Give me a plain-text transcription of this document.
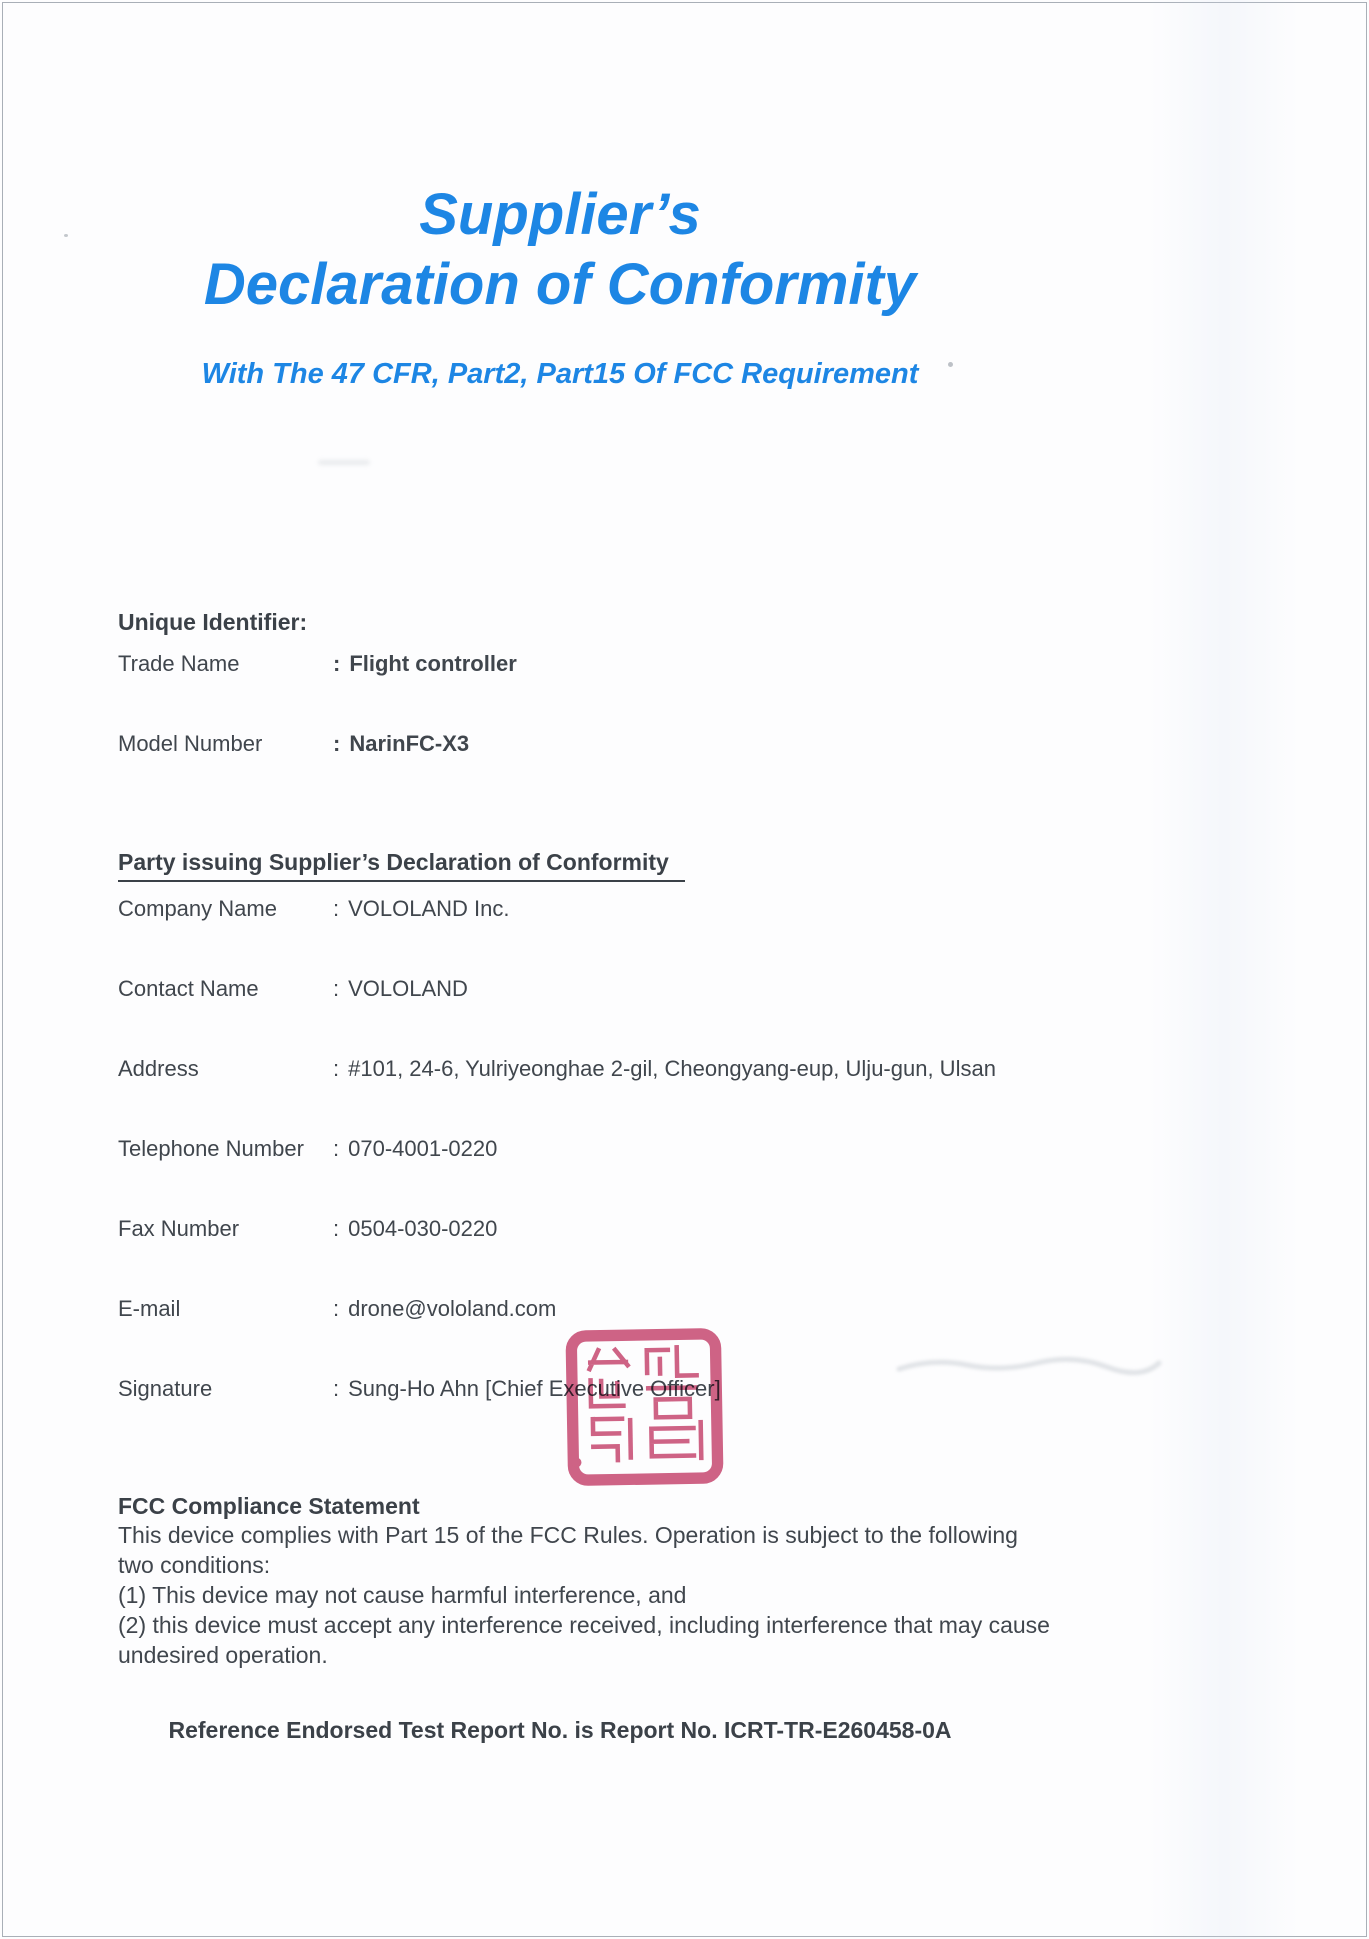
Supplier’s
Declaration of Conformity
With The 47 CFR, Part2, Part15 Of FCC Requirement
Unique Identifier:
Trade Name	: Flight controller
Model Number	: NarinFC-X3
Party issuing Supplier’s Declaration of Conformity
Company Name	: VOLOLAND Inc.
Contact Name	: VOLOLAND
Address	: #101, 24-6, Yulriyeonghae 2-gil, Cheongyang-eup, Ulju-gun, Ulsan
Telephone Number	: 070-4001-0220
Fax Number	: 0504-030-0220
E-mail	: drone@vololand.com
Signature	: Sung-Ho Ahn [Chief Executive Officer]
FCC Compliance Statement

This device complies with Part 15 of the FCC Rules. Operation is subject to the following

two conditions:

(1) This device may not cause harmful interference, and

(2) this device must accept any interference received, including interference that may cause

undesired operation.

Reference Endorsed Test Report No. is Report No. ICRT-TR-E260458-0A
